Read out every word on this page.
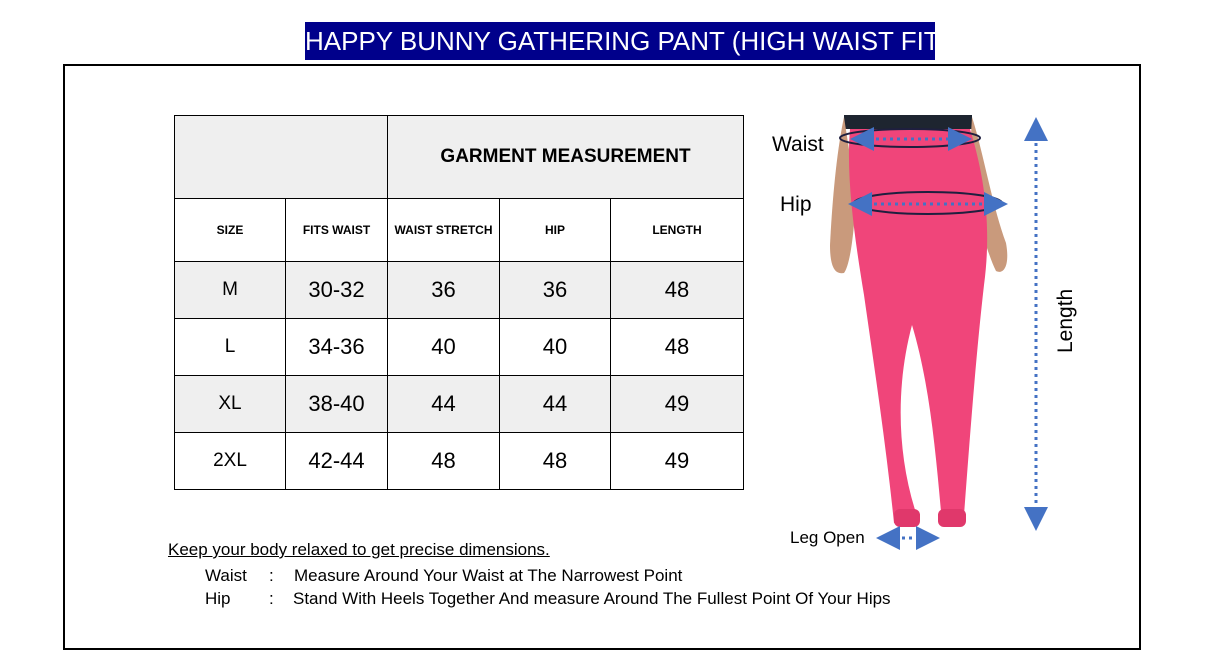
HAPPY BUNNY GATHERING PANT (HIGH WAIST FIT)
		GARMENT MEASUREMENT		
SIZE	FITS WAIST	WAIST STRETCH	HIP	LENGTH
M	30-32	36	36	48
L	34-36	40	40	48
XL	38-40	44	44	49
2XL	42-44	48	48	49
Waist
Hip
Length
Leg Open
Keep your body relaxed to get precise dimensions.
Waist : Measure Around Your Waist at The Narrowest Point
Hip : Stand With Heels Together And measure Around The Fullest Point Of Your Hips
